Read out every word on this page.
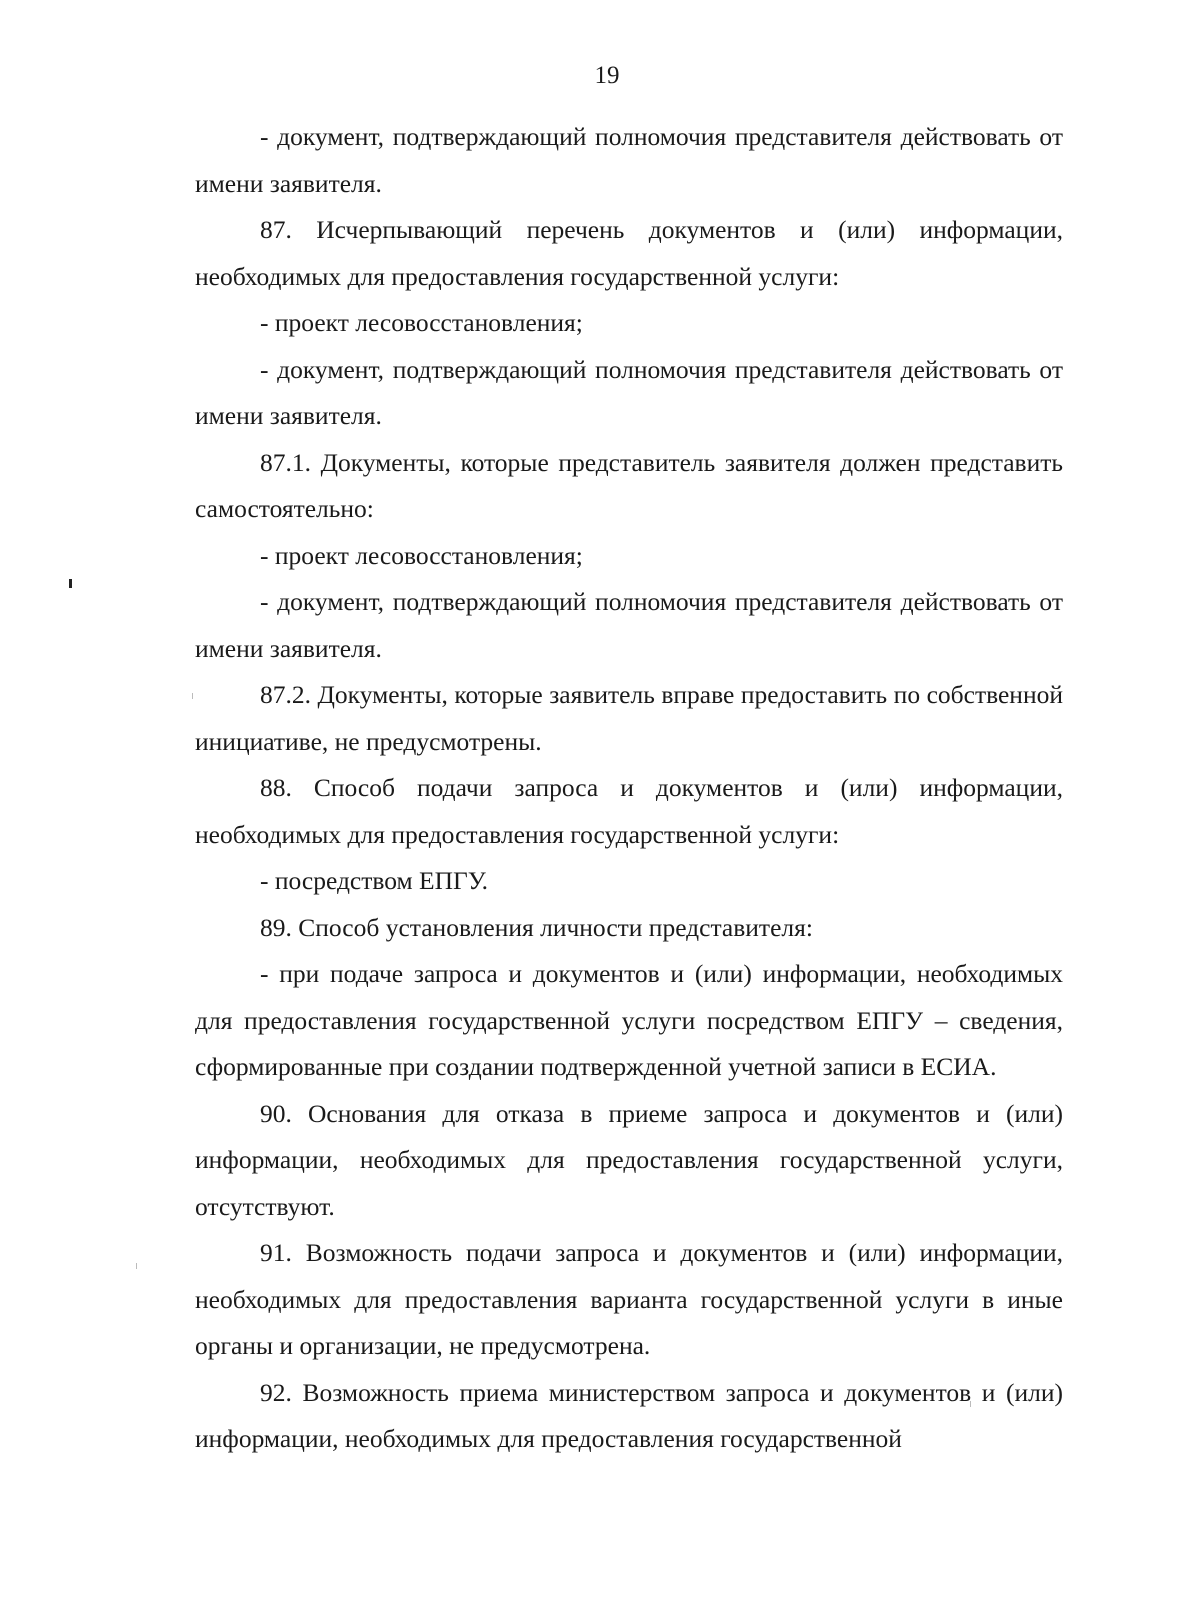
19

- документ, подтверждающий полномочия представителя действовать от имени заявителя.

87. Исчерпывающий перечень документов и (или) информации, необходимых для предоставления государственной услуги:

- проект лесовосстановления;

- документ, подтверждающий полномочия представителя действовать от имени заявителя.

87.1. Документы, которые представитель заявителя должен представить самостоятельно:

- проект лесовосстановления;

- документ, подтверждающий полномочия представителя действовать от имени заявителя.

87.2. Документы, которые заявитель вправе предоставить по собственной инициативе, не предусмотрены.

88. Способ подачи запроса и документов и (или) информации, необходимых для предоставления государственной услуги:

- посредством ЕПГУ.

89. Способ установления личности представителя:

- при подаче запроса и документов и (или) информации, необходимых для предоставления государственной услуги посредством ЕПГУ – сведения, сформированные при создании подтвержденной учетной записи в ЕСИА.

90. Основания для отказа в приеме запроса и документов и (или) информации, необходимых для предоставления государственной услуги, отсутствуют.

91. Возможность подачи запроса и документов и (или) информации, необходимых для предоставления варианта государственной услуги в иные органы и организации, не предусмотрена.

92. Возможность приема министерством запроса и документов и (или) информации, необходимых для предоставления государственной
